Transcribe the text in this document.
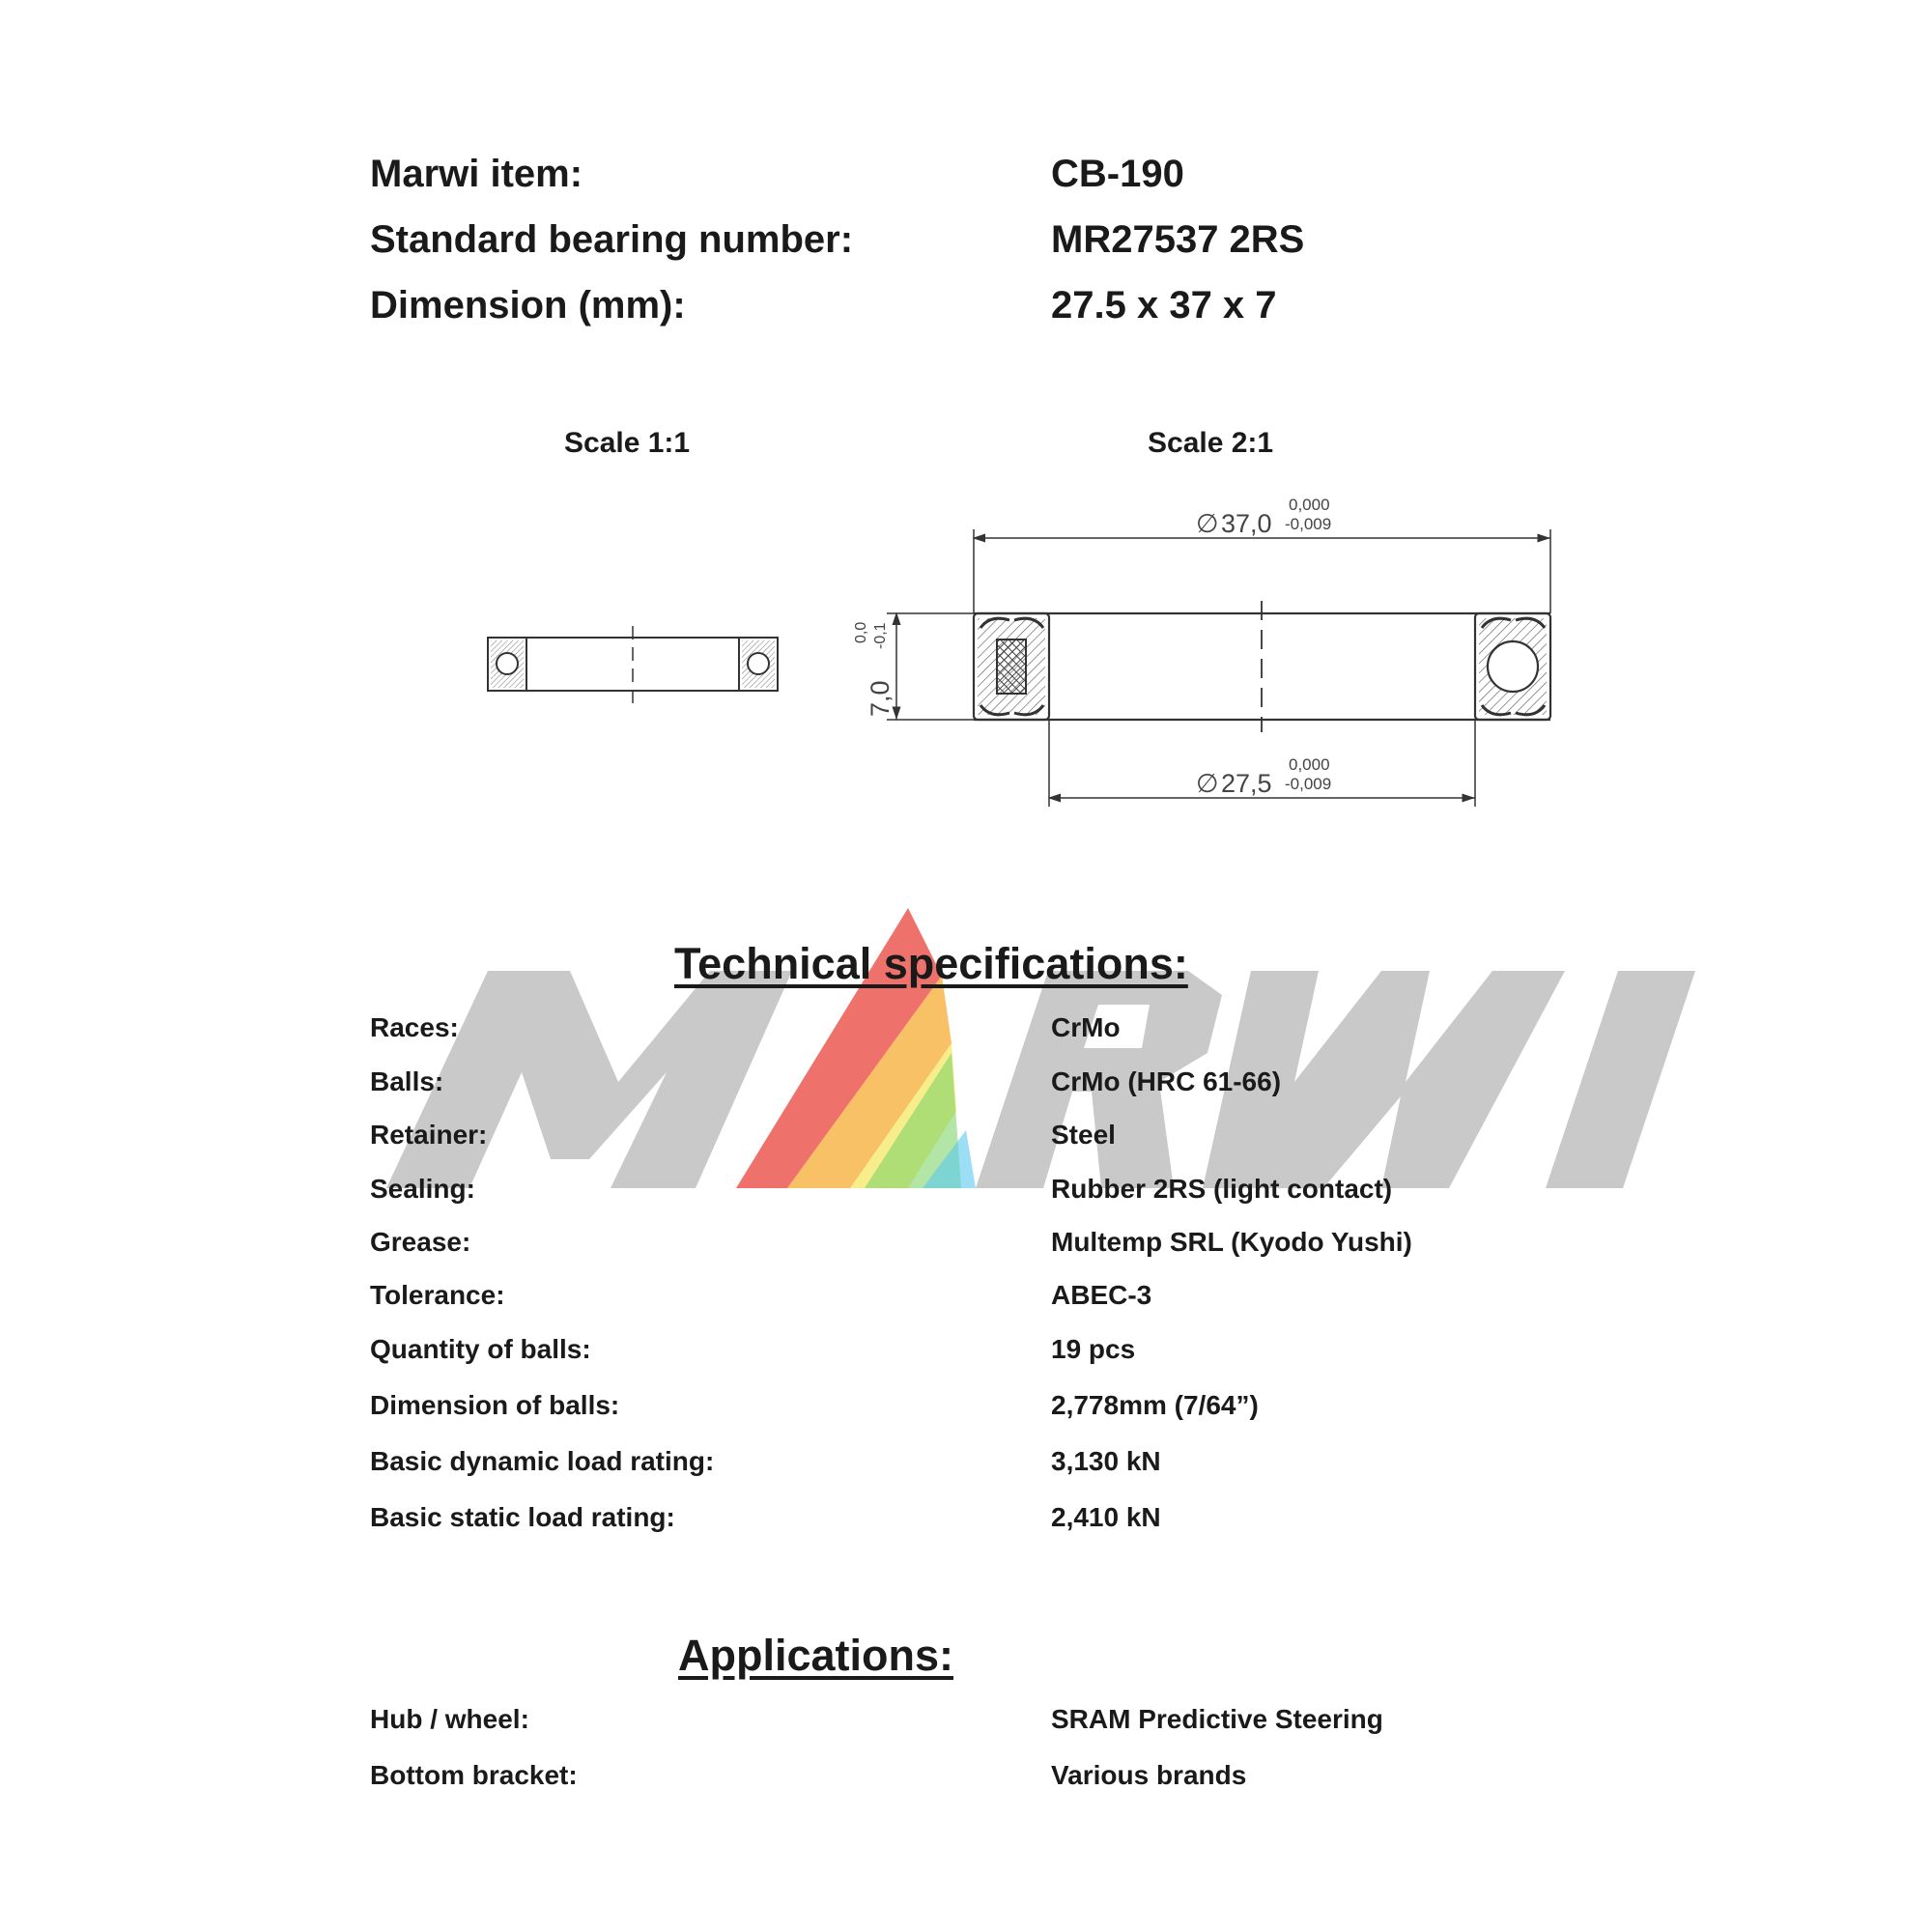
∅ 37,0
0,000
-0,009
∅ 27,5
0,000
-0,009
7,0
0,0 -0,1
Marwi item:	CB-190
Standard bearing number:	MR27537 2RS
Dimension (mm):	27.5 x 37 x 7
Scale 1:1	Scale 2:1
Technical specifications:
Races:	CrMo
Balls:	CrMo (HRC 61-66)
Retainer:	Steel
Sealing:	Rubber 2RS (light contact)
Grease:	Multemp SRL (Kyodo Yushi)
Tolerance:	ABEC-3
Quantity of balls:	19 pcs
Dimension of balls:	2,778mm (7/64”)
Basic dynamic load rating:	3,130 kN
Basic static load rating:	2,410 kN
Applications:
Hub / wheel:	SRAM Predictive Steering
Bottom bracket:	Various brands
